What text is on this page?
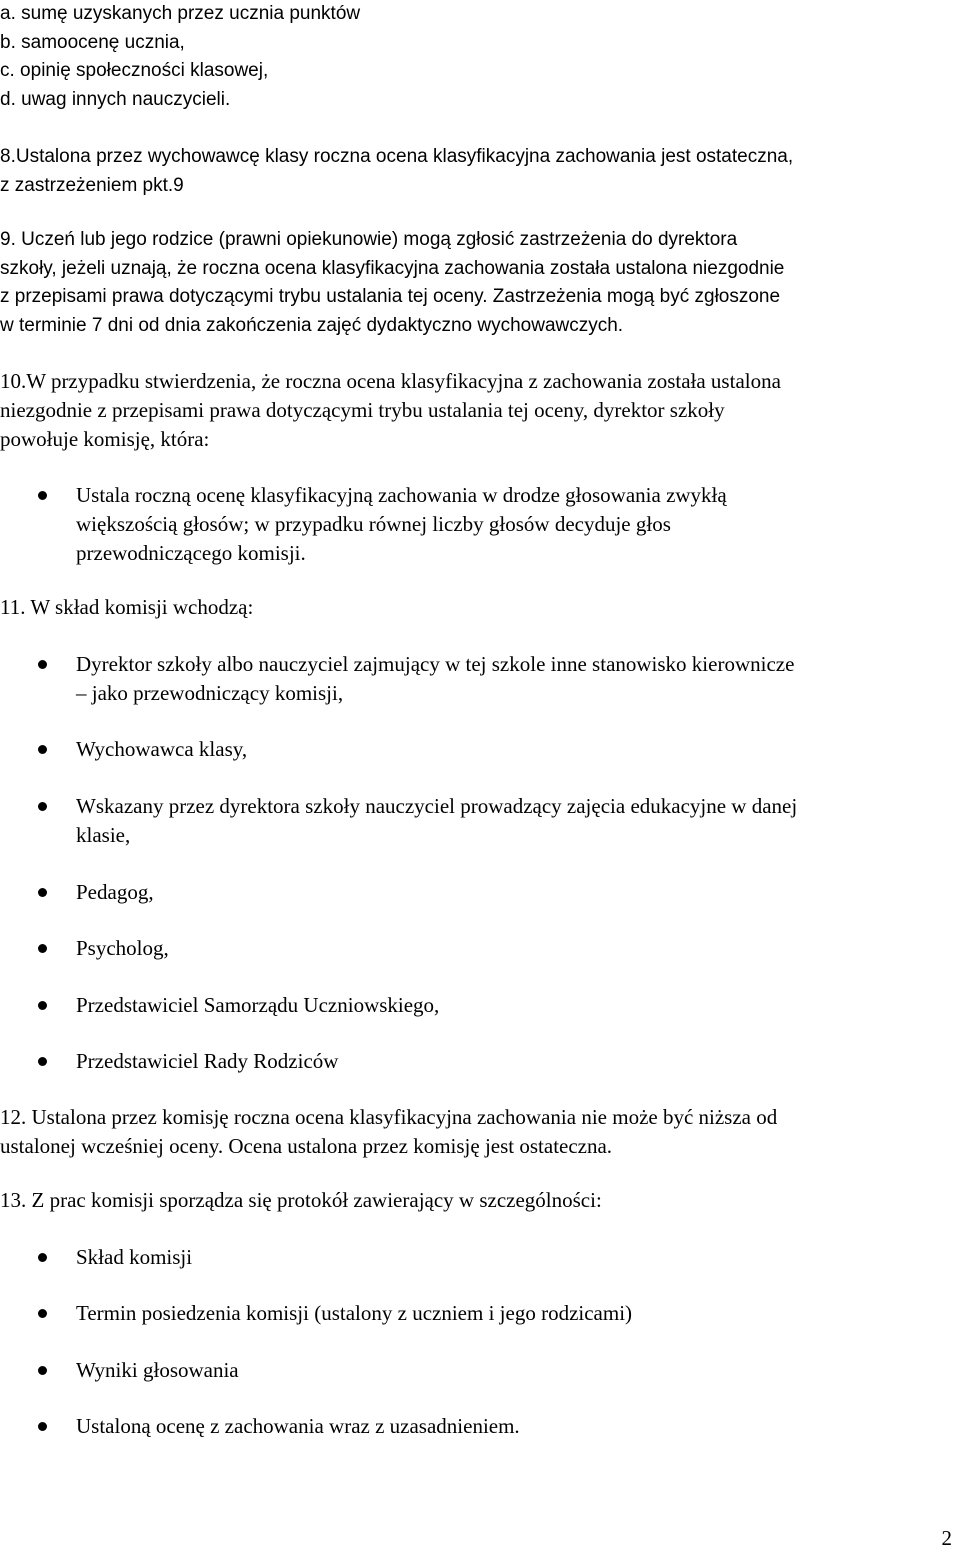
a. sumę uzyskanych przez ucznia punktów
b. samoocenę ucznia,
c. opinię społeczności klasowej,
d. uwag innych nauczycieli.
8.Ustalona przez wychowawcę klasy roczna ocena klasyfikacyjna zachowania jest ostateczna,
z zastrzeżeniem pkt.9
9. Uczeń lub jego rodzice (prawni opiekunowie) mogą zgłosić zastrzeżenia do dyrektora
szkoły, jeżeli uznają, że roczna ocena klasyfikacyjna zachowania została ustalona niezgodnie
z przepisami prawa dotyczącymi trybu ustalania tej oceny. Zastrzeżenia mogą być zgłoszone
w terminie 7 dni od dnia zakończenia zajęć dydaktyczno wychowawczych.
10.W przypadku stwierdzenia, że roczna ocena klasyfikacyjna z zachowania została ustalona
niezgodnie z przepisami prawa dotyczącymi trybu ustalania tej oceny, dyrektor szkoły
powołuje komisję, która:
Ustala roczną ocenę klasyfikacyjną zachowania w drodze głosowania zwykłą
większością głosów; w przypadku równej liczby głosów decyduje głos
przewodniczącego komisji.
11. W skład komisji wchodzą:
Dyrektor szkoły albo nauczyciel zajmujący w tej szkole inne stanowisko kierownicze
– jako przewodniczący komisji,
Wychowawca klasy,
Wskazany przez dyrektora szkoły nauczyciel prowadzący zajęcia edukacyjne w danej
klasie,
Pedagog,
Psycholog,
Przedstawiciel Samorządu Uczniowskiego,
Przedstawiciel Rady Rodziców
12. Ustalona przez komisję roczna ocena klasyfikacyjna zachowania nie może być niższa od
ustalonej wcześniej oceny. Ocena ustalona przez komisję jest ostateczna.
13. Z prac komisji sporządza się protokół zawierający w szczególności:
Skład komisji
Termin posiedzenia komisji (ustalony z uczniem i jego rodzicami)
Wyniki głosowania
Ustaloną ocenę z zachowania wraz z uzasadnieniem.
2
